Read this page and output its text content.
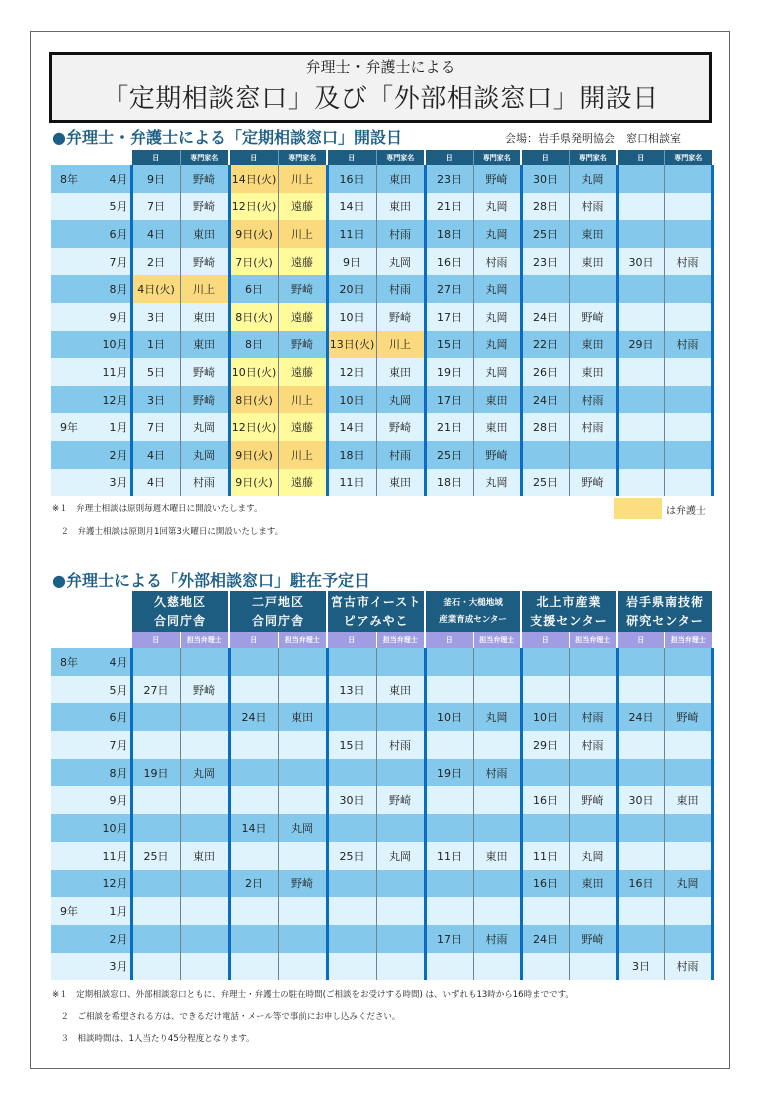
弁理士・弁護士による
「定期相談窓口」及び「外部相談窓口」開設日
●弁理士・弁護士による「定期相談窓口」開設日	会場：岩手県発明協会　窓口相談室
		日	専門家名	日	専門家名	日	専門家名	日	専門家名	日	専門家名	日	専門家名
8年	4月	9日	野崎	14日(火)	川上	16日	東田	23日	野崎	30日	丸岡		
	5月	7日	野崎	12日(火)	遠藤	14日	東田	21日	丸岡	28日	村雨		
	6月	4日	東田	9日(火)	川上	11日	村雨	18日	丸岡	25日	東田		
	7月	2日	野崎	7日(火)	遠藤	9日	丸岡	16日	村雨	23日	東田	30日	村雨
	8月	4日(火)	川上	6日	野崎	20日	村雨	27日	丸岡				
	9月	3日	東田	8日(火)	遠藤	10日	野崎	17日	丸岡	24日	野崎		
	10月	1日	東田	8日	野崎	13日(火)	川上	15日	丸岡	22日	東田	29日	村雨
	11月	5日	野崎	10日(火)	遠藤	12日	東田	19日	丸岡	26日	東田		
	12月	3日	野崎	8日(火)	川上	10日	丸岡	17日	東田	24日	村雨		
9年	1月	7日	丸岡	12日(火)	遠藤	14日	野崎	21日	東田	28日	村雨		
	2月	4日	丸岡	9日(火)	川上	18日	村雨	25日	野崎				
	3月	4日	村雨	9日(火)	遠藤	11日	東田	18日	丸岡	25日	野崎		
※１　弁理士相談は原則毎週木曜日に開設いたします。
　２　弁護士相談は原則月1回第3火曜日に開設いたします。
は弁護士
●弁理士による「外部相談窓口」駐在予定日

久慈地区
合同庁舎

二戸地区
合同庁舎

宮古市イースト
ピアみやこ

釜石・大槌地域
産業育成センター

北上市産業
支援センター

岩手県南技術
研究センター

		日	担当弁理士	日	担当弁理士	日	担当弁理士	日	担当弁理士	日	担当弁理士	日	担当弁理士
8年	4月												
	5月	27日	野崎			13日	東田						
	6月			24日	東田			10日	丸岡	10日	村雨	24日	野崎
	7月					15日	村雨			29日	村雨		
	8月	19日	丸岡					19日	村雨				
	9月					30日	野崎			16日	野崎	30日	東田
	10月			14日	丸岡								
	11月	25日	東田			25日	丸岡	11日	東田	11日	丸岡		
	12月			2日	野崎					16日	東田	16日	丸岡
9年	1月												
	2月							17日	村雨	24日	野崎		
	3月											3日	村雨
※１　定期相談窓口、外部相談窓口ともに、弁理士・弁護士の駐在時間(ご相談をお受けする時間) は、いずれも13時から16時までです。
　２　ご相談を希望される方は、できるだけ電話・メール等で事前にお申し込みください。
　３　相談時間は、1人当たり45分程度となります。
